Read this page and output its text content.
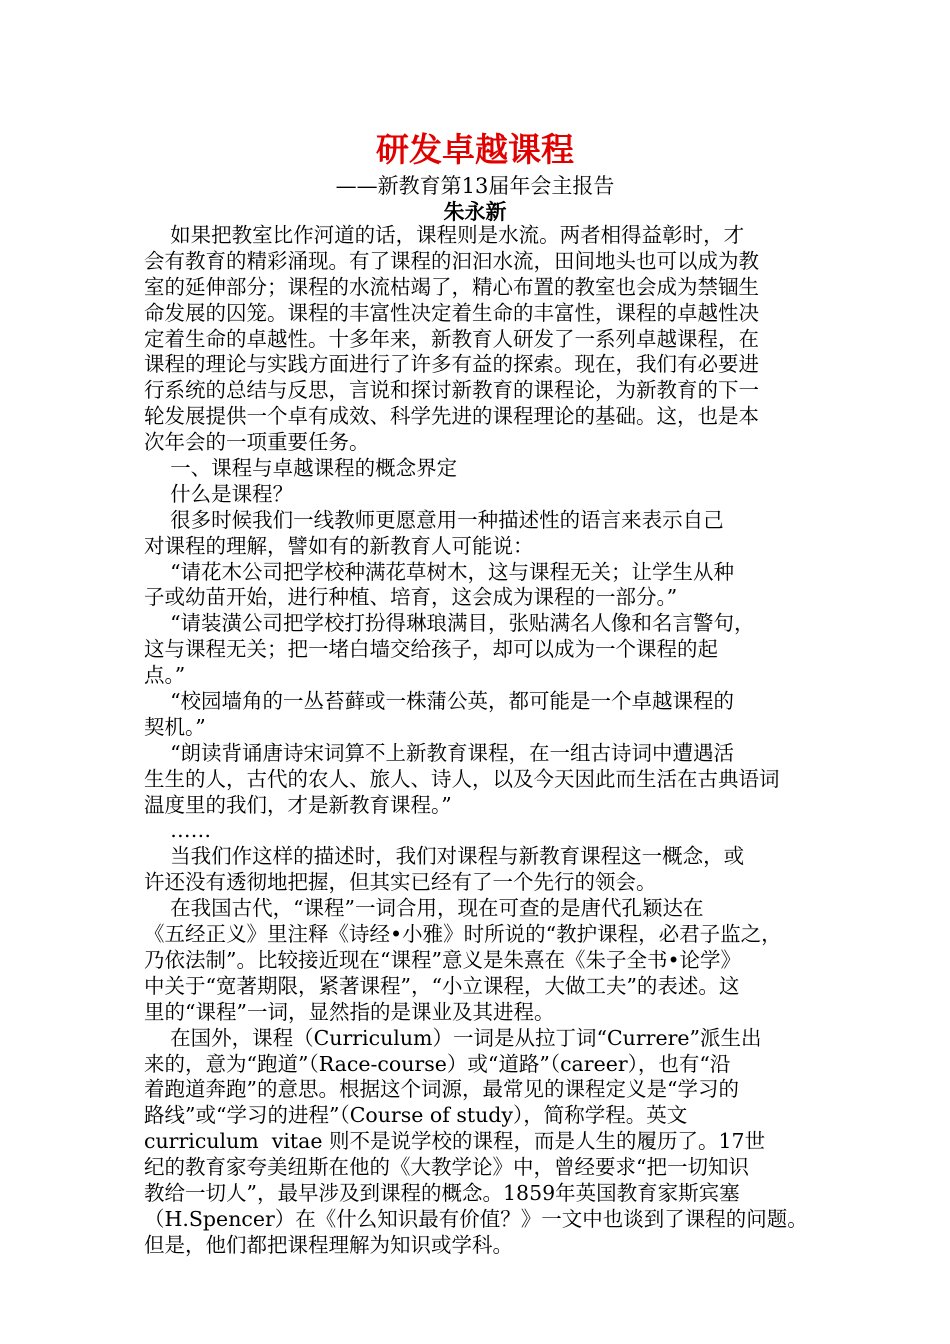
研发卓越课程
——新教育第13届年会主报告
朱永新
如果把教室比作河道的话，课程则是水流。两者相得益彰时，才
会有教育的精彩涌现。有了课程的汩汩水流，田间地头也可以成为教
室的延伸部分；课程的水流枯竭了，精心布置的教室也会成为禁锢生
命发展的囚笼。课程的丰富性决定着生命的丰富性，课程的卓越性决
定着生命的卓越性。十多年来，新教育人研发了一系列卓越课程，在
课程的理论与实践方面进行了许多有益的探索。现在，我们有必要进
行系统的总结与反思，言说和探讨新教育的课程论，为新教育的下一
轮发展提供一个卓有成效、科学先进的课程理论的基础。这，也是本
次年会的一项重要任务。
一、课程与卓越课程的概念界定
什么是课程？
很多时候我们一线教师更愿意用一种描述性的语言来表示自己
对课程的理解，譬如有的新教育人可能说：
“请花木公司把学校种满花草树木，这与课程无关；让学生从种
子或幼苗开始，进行种植、培育，这会成为课程的一部分。”
“请装潢公司把学校打扮得琳琅满目，张贴满名人像和名言警句，
这与课程无关；把一堵白墙交给孩子，却可以成为一个课程的起
点。”
“校园墙角的一丛苔藓或一株蒲公英，都可能是一个卓越课程的
契机。”
“朗读背诵唐诗宋词算不上新教育课程，在一组古诗词中遭遇活
生生的人，古代的农人、旅人、诗人，以及今天因此而生活在古典语词
温度里的我们，才是新教育课程。”
……
当我们作这样的描述时，我们对课程与新教育课程这一概念，或
许还没有透彻地把握，但其实已经有了一个先行的领会。
在我国古代，“课程”一词合用，现在可查的是唐代孔颖达在
《五经正义》里注释《诗经•小雅》时所说的“教护课程，必君子监之，
乃依法制”。比较接近现在“课程”意义是朱熹在《朱子全书•论学》
中关于“宽著期限，紧著课程”，“小立课程，大做工夫”的表述。这
里的“课程”一词，显然指的是课业及其进程。
在国外，课程（Curriculum）一词是从拉丁词“Currere”派生出
来的，意为“跑道”（Race-course）或“道路”（career），也有“沿
着跑道奔跑”的意思。根据这个词源，最常见的课程定义是“学习的
路线”或“学习的进程”（Course of study），简称学程。英文
curriculum  vitae 则不是说学校的课程，而是人生的履历了。17世
纪的教育家夸美纽斯在他的《大教学论》中，曾经要求“把一切知识
教给一切人”，最早涉及到课程的概念。1859年英国教育家斯宾塞
（H.Spencer）在《什么知识最有价值？》一文中也谈到了课程的问题。
但是，他们都把课程理解为知识或学科。
